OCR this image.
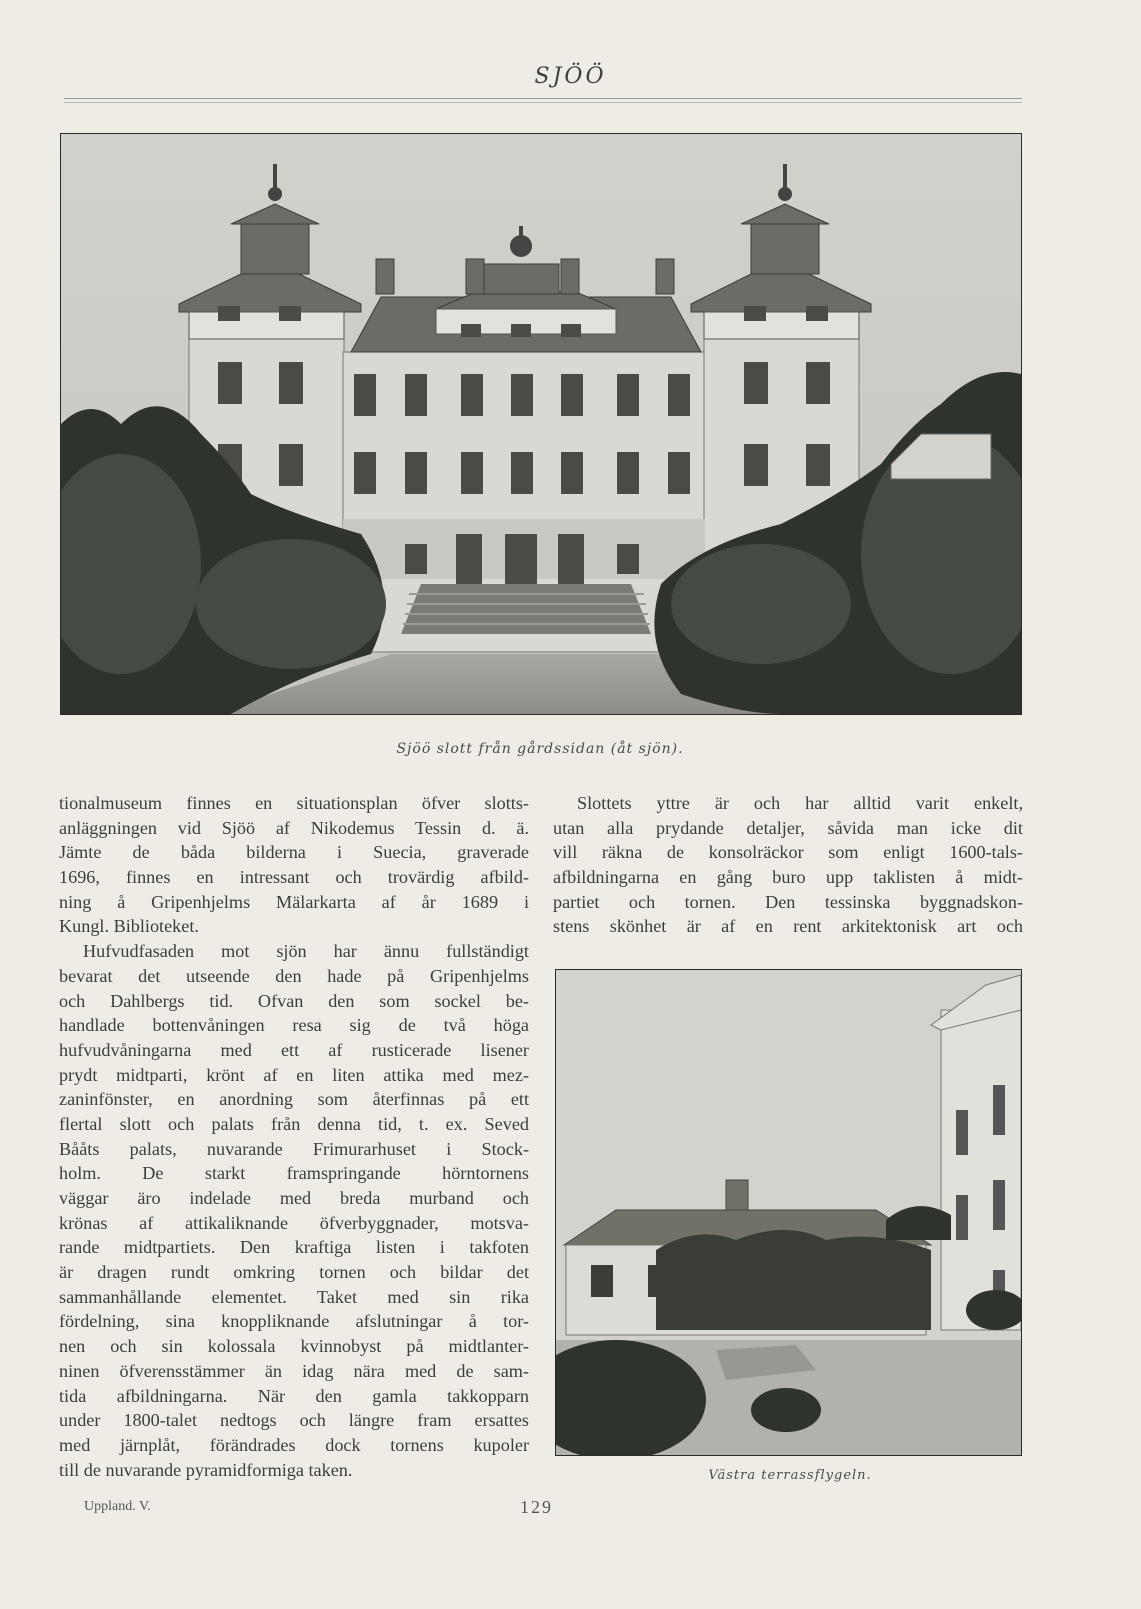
SJÖÖ
Sjöö slott från gårdssidan (åt sjön).
tionalmuseum finnes en situationsplan öfver slotts-
anläggningen vid Sjöö af Nikodemus Tessin d. ä.
Jämte de båda bilderna i Suecia, graverade
1696, finnes en intressant och trovärdig afbild-
ning å Gripenhjelms Mälarkarta af år 1689 i
Kungl. Biblioteket.
Hufvudfasaden mot sjön har ännu fullständigt
bevarat det utseende den hade på Gripenhjelms
och Dahlbergs tid. Ofvan den som sockel be-
handlade bottenvåningen resa sig de två höga
hufvudvåningarna med ett af rusticerade lisener
prydt midtparti, krönt af en liten attika med mez-
zaninfönster, en anordning som återfinnas på ett
flertal slott och palats från denna tid, t. ex. Seved
Bååts palats, nuvarande Frimurarhuset i Stock-
holm. De starkt framspringande hörntornens
väggar äro indelade med breda murband och
krönas af attikaliknande öfverbyggnader, motsva-
rande midtpartiets. Den kraftiga listen i takfoten
är dragen rundt omkring tornen och bildar det
sammanhållande elementet. Taket med sin rika
fördelning, sina knoppliknande afslutningar å tor-
nen och sin kolossala kvinnobyst på midtlanter-
ninen öfverensstämmer än idag nära med de sam-
tida afbildningarna. När den gamla takkopparn
under 1800-talet nedtogs och längre fram ersattes
med järnplåt, förändrades dock tornens kupoler
till de nuvarande pyramidformiga taken.
Slottets yttre är och har alltid varit enkelt,
utan alla prydande detaljer, såvida man icke dit
vill räkna de konsolräckor som enligt 1600-tals-
afbildningarna en gång buro upp taklisten å midt-
partiet och tornen. Den tessinska byggnadskon-
stens skönhet är af en rent arkitektonisk art och
Västra terrassflygeln.
Uppland. V.	129
